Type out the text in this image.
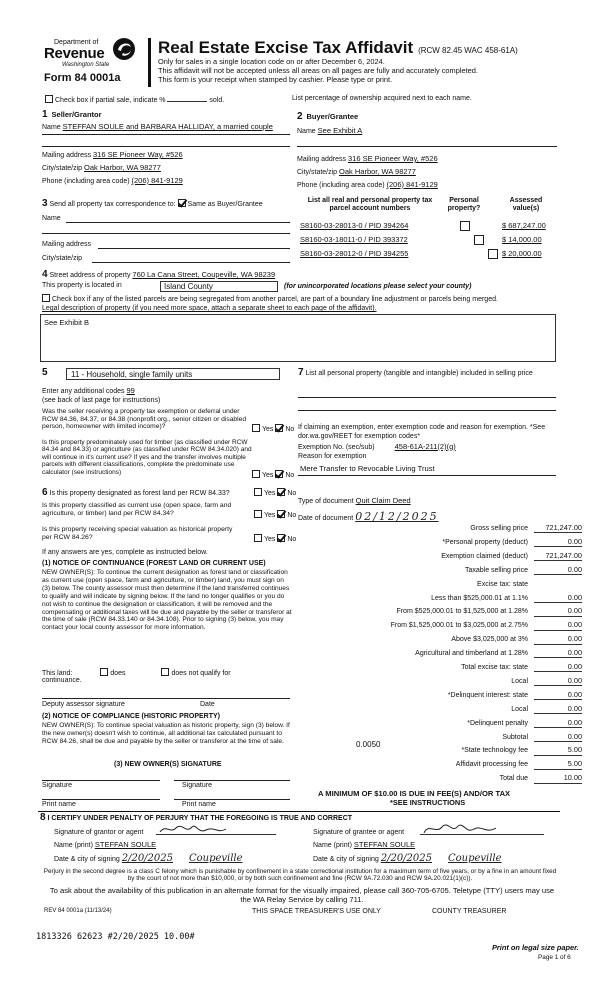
Department of
Revenue
Washington State
Form 84 0001a
Real Estate Excise Tax Affidavit (RCW 82.45 WAC 458-61A)
Only for sales in a single location code on or after December 6, 2024.
This affidavit will not be accepted unless all areas on all pages are fully and accurately completed.
This form is your receipt when stamped by cashier. Please type or print.
Check box if partial sale, indicate %	sold.	List percentage of ownership acquired next to each name.
1 Seller/Grantor
Name STEFFAN SOULE and BARBARA HALLIDAY, a married couple
Mailing address 316 SE Pioneer Way, #526
City/state/zip Oak Harbor, WA 98277
Phone (including area code) (206) 841-9129
2 Buyer/Grantee
Name See Exhibit A
Mailing address 316 SE Pioneer Way, #526
City/state/zip Oak Harbor, WA 98277
Phone (including area code) (206) 841-9129
3 Send all property tax correspondence to: Same as Buyer/Grantee
Name
Mailing address
City/state/zip
List all real and personal property tax parcel account numbers
Personal property?
Assessed value(s)
S8160-03-28013-0 / PID 394264
	$ 687,247.00
S8160-03-18011-0 / PID 393372
	$ 14,000.00
S8160-03-28012-0 / PID 394255	$ 20,000.00
4 Street address of property 760 La Cana Street, Coupeville, WA 98239
This property is located in	Island County	(for unincorporated locations please select your county)
Check box if any of the listed parcels are being segregated from another parcel, are part of a boundary line adjustment or parcels being merged.
Legal description of property (if you need more space, attach a separate sheet to each page of the affidavit).
See Exhibit B
5	11 - Household, single family units
Enter any additional codes 99
(see back of last page for instructions)
Was the seller receiving a property tax exemption or deferral under RCW 84.36, 84.37, or 84.38 (nonprofit org., senior citizen or disabled person, homeowner with limited income)?	Yes No
Is this property predominately used for timber (as classified under RCW 84.34 and 84.33) or agriculture (as classified under RCW 84.34.020) and will continue in it's current use? If yes and the transfer involves multiple parcels with different classifications, complete the predominate use calculator (see instructions)	Yes No
6 Is this property designated as forest land per RCW 84.33?	Yes No
Is this property classified as current use (open space, farm and agriculture, or timber) land per RCW 84.34?	Yes No
Is this property receiving special valuation as historical property per RCW 84.26?	Yes No
If any answers are yes, complete as instructed below.
(1) NOTICE OF CONTINUANCE (FOREST LAND OR CURRENT USE)
NEW OWNER(S): To continue the current designation as forest land or classification as current use (open space, farm and agriculture, or timber) land, you must sign on (3) below. The county assessor must then determine if the land transferred continues to qualify and will indicate by signing below. If the land no longer qualifies or you do not wish to continue the designation or classification, it will be removed and the compensating or additional taxes will be due and payable by the seller or transferor at the time of sale (RCW 84.33.140 or 84.34.108). Prior to signing (3) below, you may contact your local county assessor for more information.
This land:	does	does not qualify for
continuance.
Deputy assessor signature	Date
(2) NOTICE OF COMPLIANCE (HISTORIC PROPERTY)
NEW OWNER(S): To continue special valuation as historic property, sign (3) below. If the new owner(s) doesn't wish to continue, all additional tax calculated pursuant to RCW 84.26, shall be due and payable by the seller or transferor at the time of sale.
(3) NEW OWNER(S) SIGNATURE
Signature	Signature
Print name	Print name
7 List all personal property (tangible and intangible) included in selling price
If claiming an exemption, enter exemption code and reason for exemption. *See dor.wa.gov/REET for exemption codes*
Exemption No. (sec/sub)	458-61A-211(2)(g)
Reason for exemption
Mere Transfer to Revocable Living Trust
Type of document Quit Claim Deed
Date of document 02/12/2025
Gross selling price	721,247.00
*Personal property (deduct)	0.00
Exemption claimed (deduct)	721,247.00
Taxable selling price	0.00
Excise tax: state
Less than $525,000.01 at 1.1%	0.00
From $525,000.01 to $1,525,000 at 1.28%	0.00
From $1,525,000.01 to $3,025,000 at 2.75%	0.00
Above $3,025,000 at 3%	0.00
Agricultural and timberland at 1.28%	0.00
Total excise tax: state	0.00
Local	0.00
*Delinquent interest: state	0.00
Local	0.00
*Delinquent penalty	0.00
Subtotal	0.00
*State technology fee	5.00
Affidavit processing fee	5.00
Total due	10.00
0.0050
A MINIMUM OF $10.00 IS DUE IN FEE(S) AND/OR TAX
*SEE INSTRUCTIONS
8 I CERTIFY UNDER PENALTY OF PERJURY THAT THE FOREGOING IS TRUE AND CORRECT
Signature of grantor or agent
Name (print) STEFFAN SOULE
Date & city of signing 2/20/2025 Coupeville
Signature of grantee or agent
Name (print) STEFFAN SOULE
Date & city of signing 2/20/2025 Coupeville
Perjury in the second degree is a class C felony which is punishable by confinement in a state correctional institution for a maximum term of five years, or by a fine in an amount fixed by the court of not more than $10,000, or by both such confinement and fine (RCW 9A.72.030 and RCW 9A.20.021(1)(c)).
To ask about the availability of this publication in an alternate format for the visually impaired, please call 360-705-6705. Teletype (TTY) users may use the WA Relay Service by calling 711.
REV 84 0001a (11/13/24)	THIS SPACE TREASURER'S USE ONLY	COUNTY TREASURER
1813326 62623 #2/20/2025 10.00#
Print on legal size paper.
Page 1 of 6
